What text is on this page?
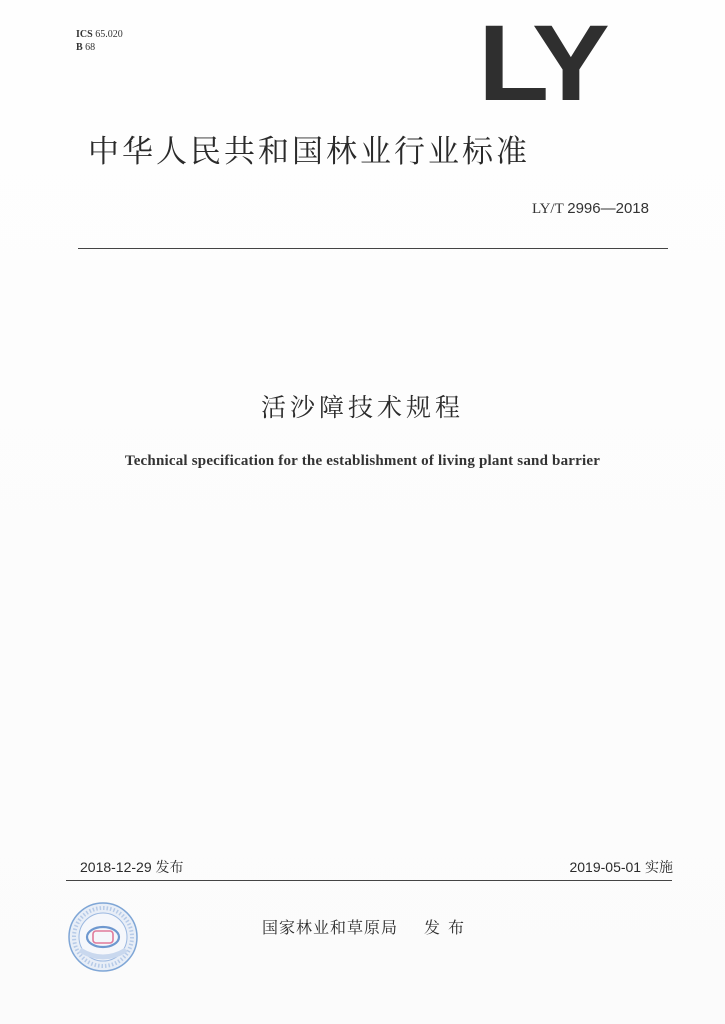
ICS 65.020
B 68	LY
中华人民共和国林业行业标准
LY/T 2996—2018
活沙障技术规程
Technical specification for the establishment of living plant sand barrier
2018-12-29 发布	2019-05-01 实施
国家林业和草原局 发布
